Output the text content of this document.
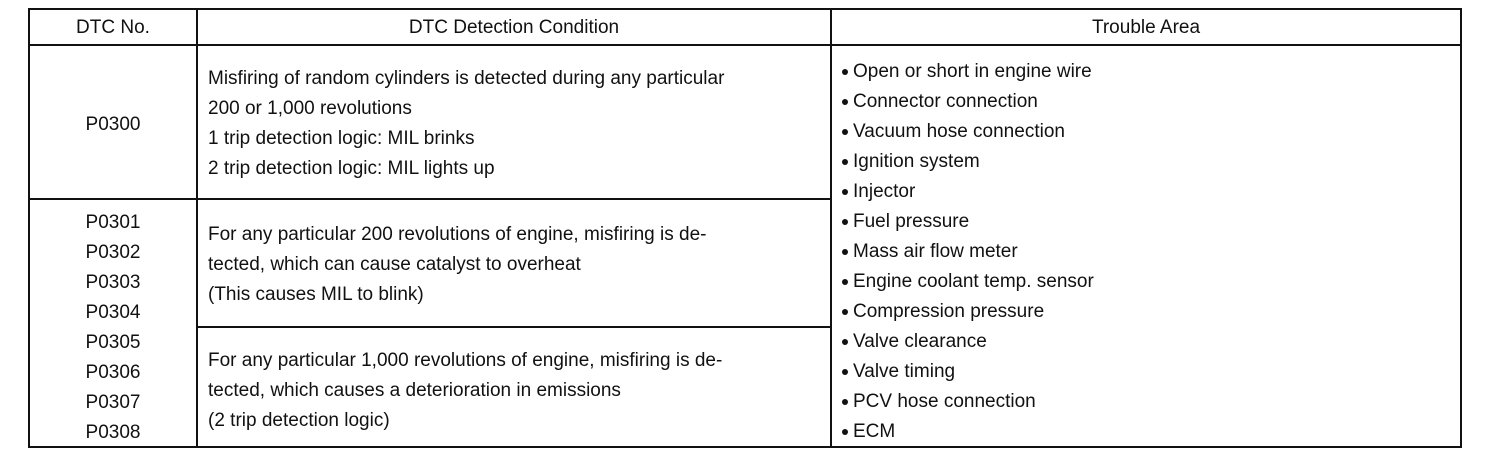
DTC No.	DTC Detection Condition	Trouble Area
P0300
Misfiring of random cylinders is detected during any particular
200 or 1,000 revolutions
1 trip detection logic: MIL brinks
2 trip detection logic: MIL lights up
P0301
P0302
P0303
P0304
P0305
P0306
P0307
P0308
For any particular 200 revolutions of engine, misfiring is de-
tected, which can cause catalyst to overheat
(This causes MIL to blink)
For any particular 1,000 revolutions of engine, misfiring is de-
tected, which causes a deterioration in emissions
(2 trip detection logic)
Open or short in engine wire
Connector connection
Vacuum hose connection
Ignition system
Injector
Fuel pressure
Mass air flow meter
Engine coolant temp. sensor
Compression pressure
Valve clearance
Valve timing
PCV hose connection
ECM
